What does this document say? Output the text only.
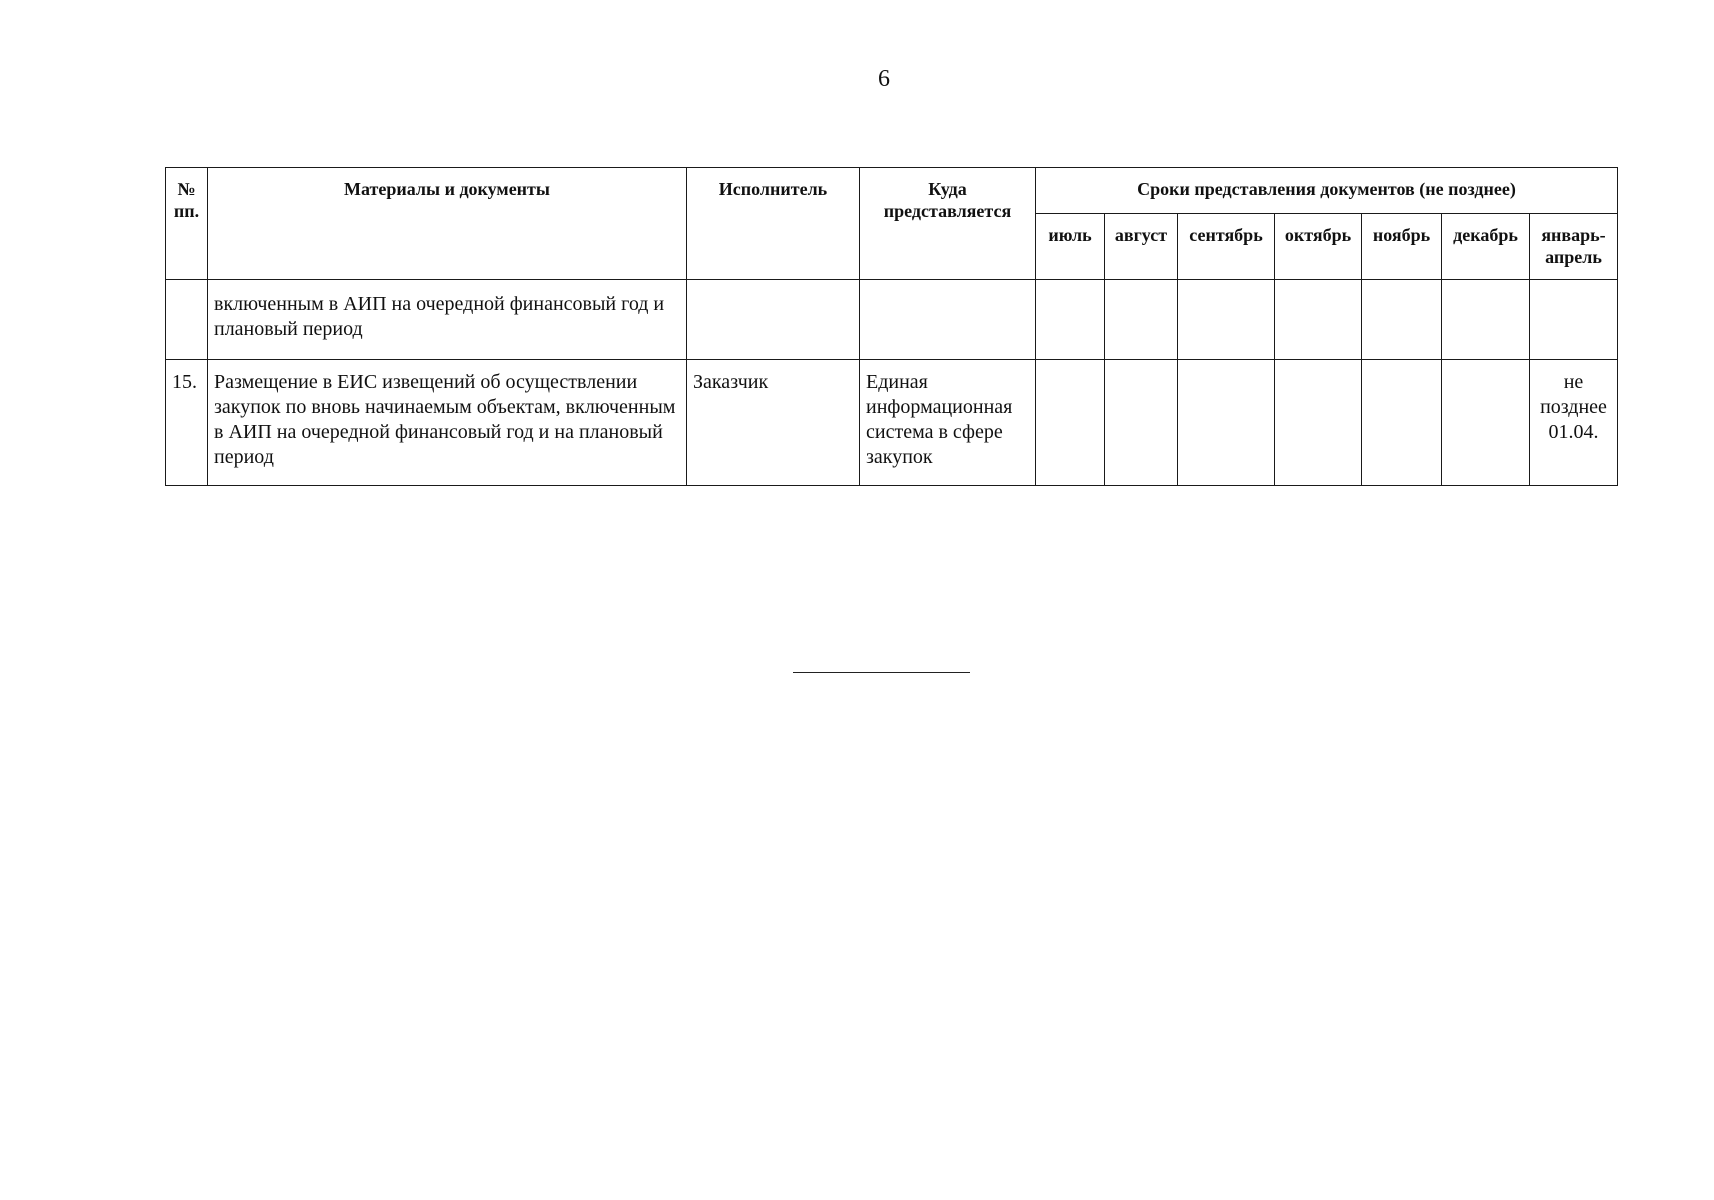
6
№ пп.	Материалы и документы	Исполнитель	Куда представляется	Сроки представления документов (не позднее)						
				июль	август	сентябрь	октябрь	ноябрь	декабрь	январь-апрель
	включенным в АИП на очередной финансовый год и плановый период									
15.	Размещение в ЕИС извещений об осуществлении закупок по вновь начинаемым объектам, включенным в АИП на очередной финансовый год и на плановый период	Заказчик	Единая информационная система в сфере закупок							не позднее 01.04.
